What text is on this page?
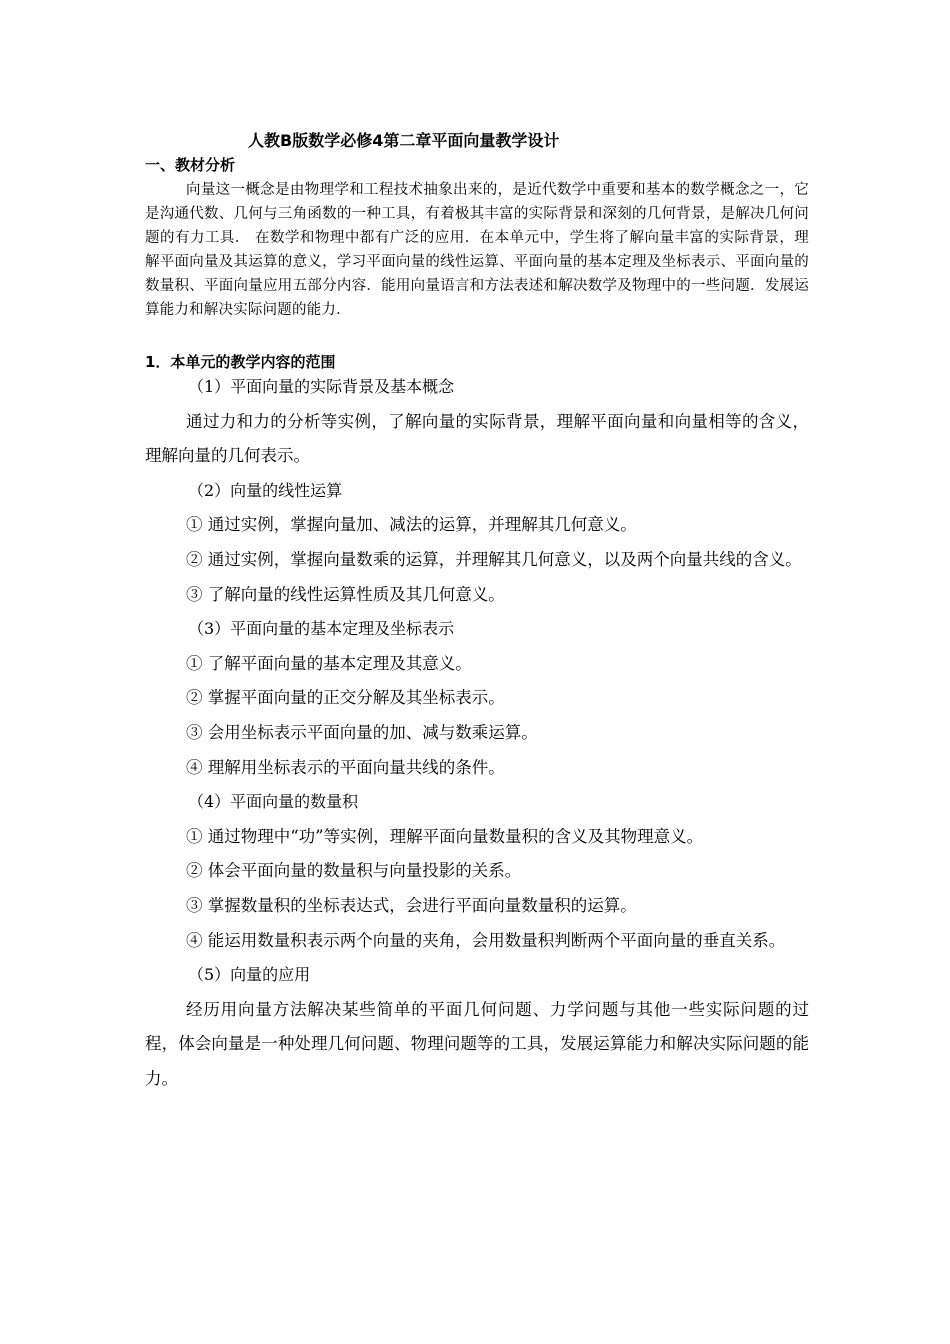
人教B版数学必修4第二章平面向量教学设计
一、教材分析
向量这一概念是由物理学和工程技术抽象出来的，是近代数学中重要和基本的数学概念之一，它是沟通代数、几何与三角函数的一种工具，有着极其丰富的实际背景和深刻的几何背景，是解决几何问题的有力工具． 在数学和物理中都有广泛的应用．在本单元中，学生将了解向量丰富的实际背景，理解平面向量及其运算的意义，学习平面向量的线性运算、平面向量的基本定理及坐标表示、平面向量的数量积、平面向量应用五部分内容．能用向量语言和方法表述和解决数学及物理中的一些问题．发展运算能力和解决实际问题的能力．
1．本单元的教学内容的范围

（1）平面向量的实际背景及基本概念

通过力和力的分析等实例，了解向量的实际背景，理解平面向量和向量相等的含义，理解向量的几何表示。

（2）向量的线性运算

① 通过实例，掌握向量加、减法的运算，并理解其几何意义。

② 通过实例，掌握向量数乘的运算，并理解其几何意义，以及两个向量共线的含义。

③ 了解向量的线性运算性质及其几何意义。

（3）平面向量的基本定理及坐标表示

① 了解平面向量的基本定理及其意义。

② 掌握平面向量的正交分解及其坐标表示。

③ 会用坐标表示平面向量的加、减与数乘运算。

④ 理解用坐标表示的平面向量共线的条件。

（4）平面向量的数量积

① 通过物理中“功”等实例，理解平面向量数量积的含义及其物理意义。

② 体会平面向量的数量积与向量投影的关系。

③ 掌握数量积的坐标表达式，会进行平面向量数量积的运算。

④ 能运用数量积表示两个向量的夹角，会用数量积判断两个平面向量的垂直关系。

（5）向量的应用

经历用向量方法解决某些简单的平面几何问题、力学问题与其他一些实际问题的过程，体会向量是一种处理几何问题、物理问题等的工具，发展运算能力和解决实际问题的能力。
